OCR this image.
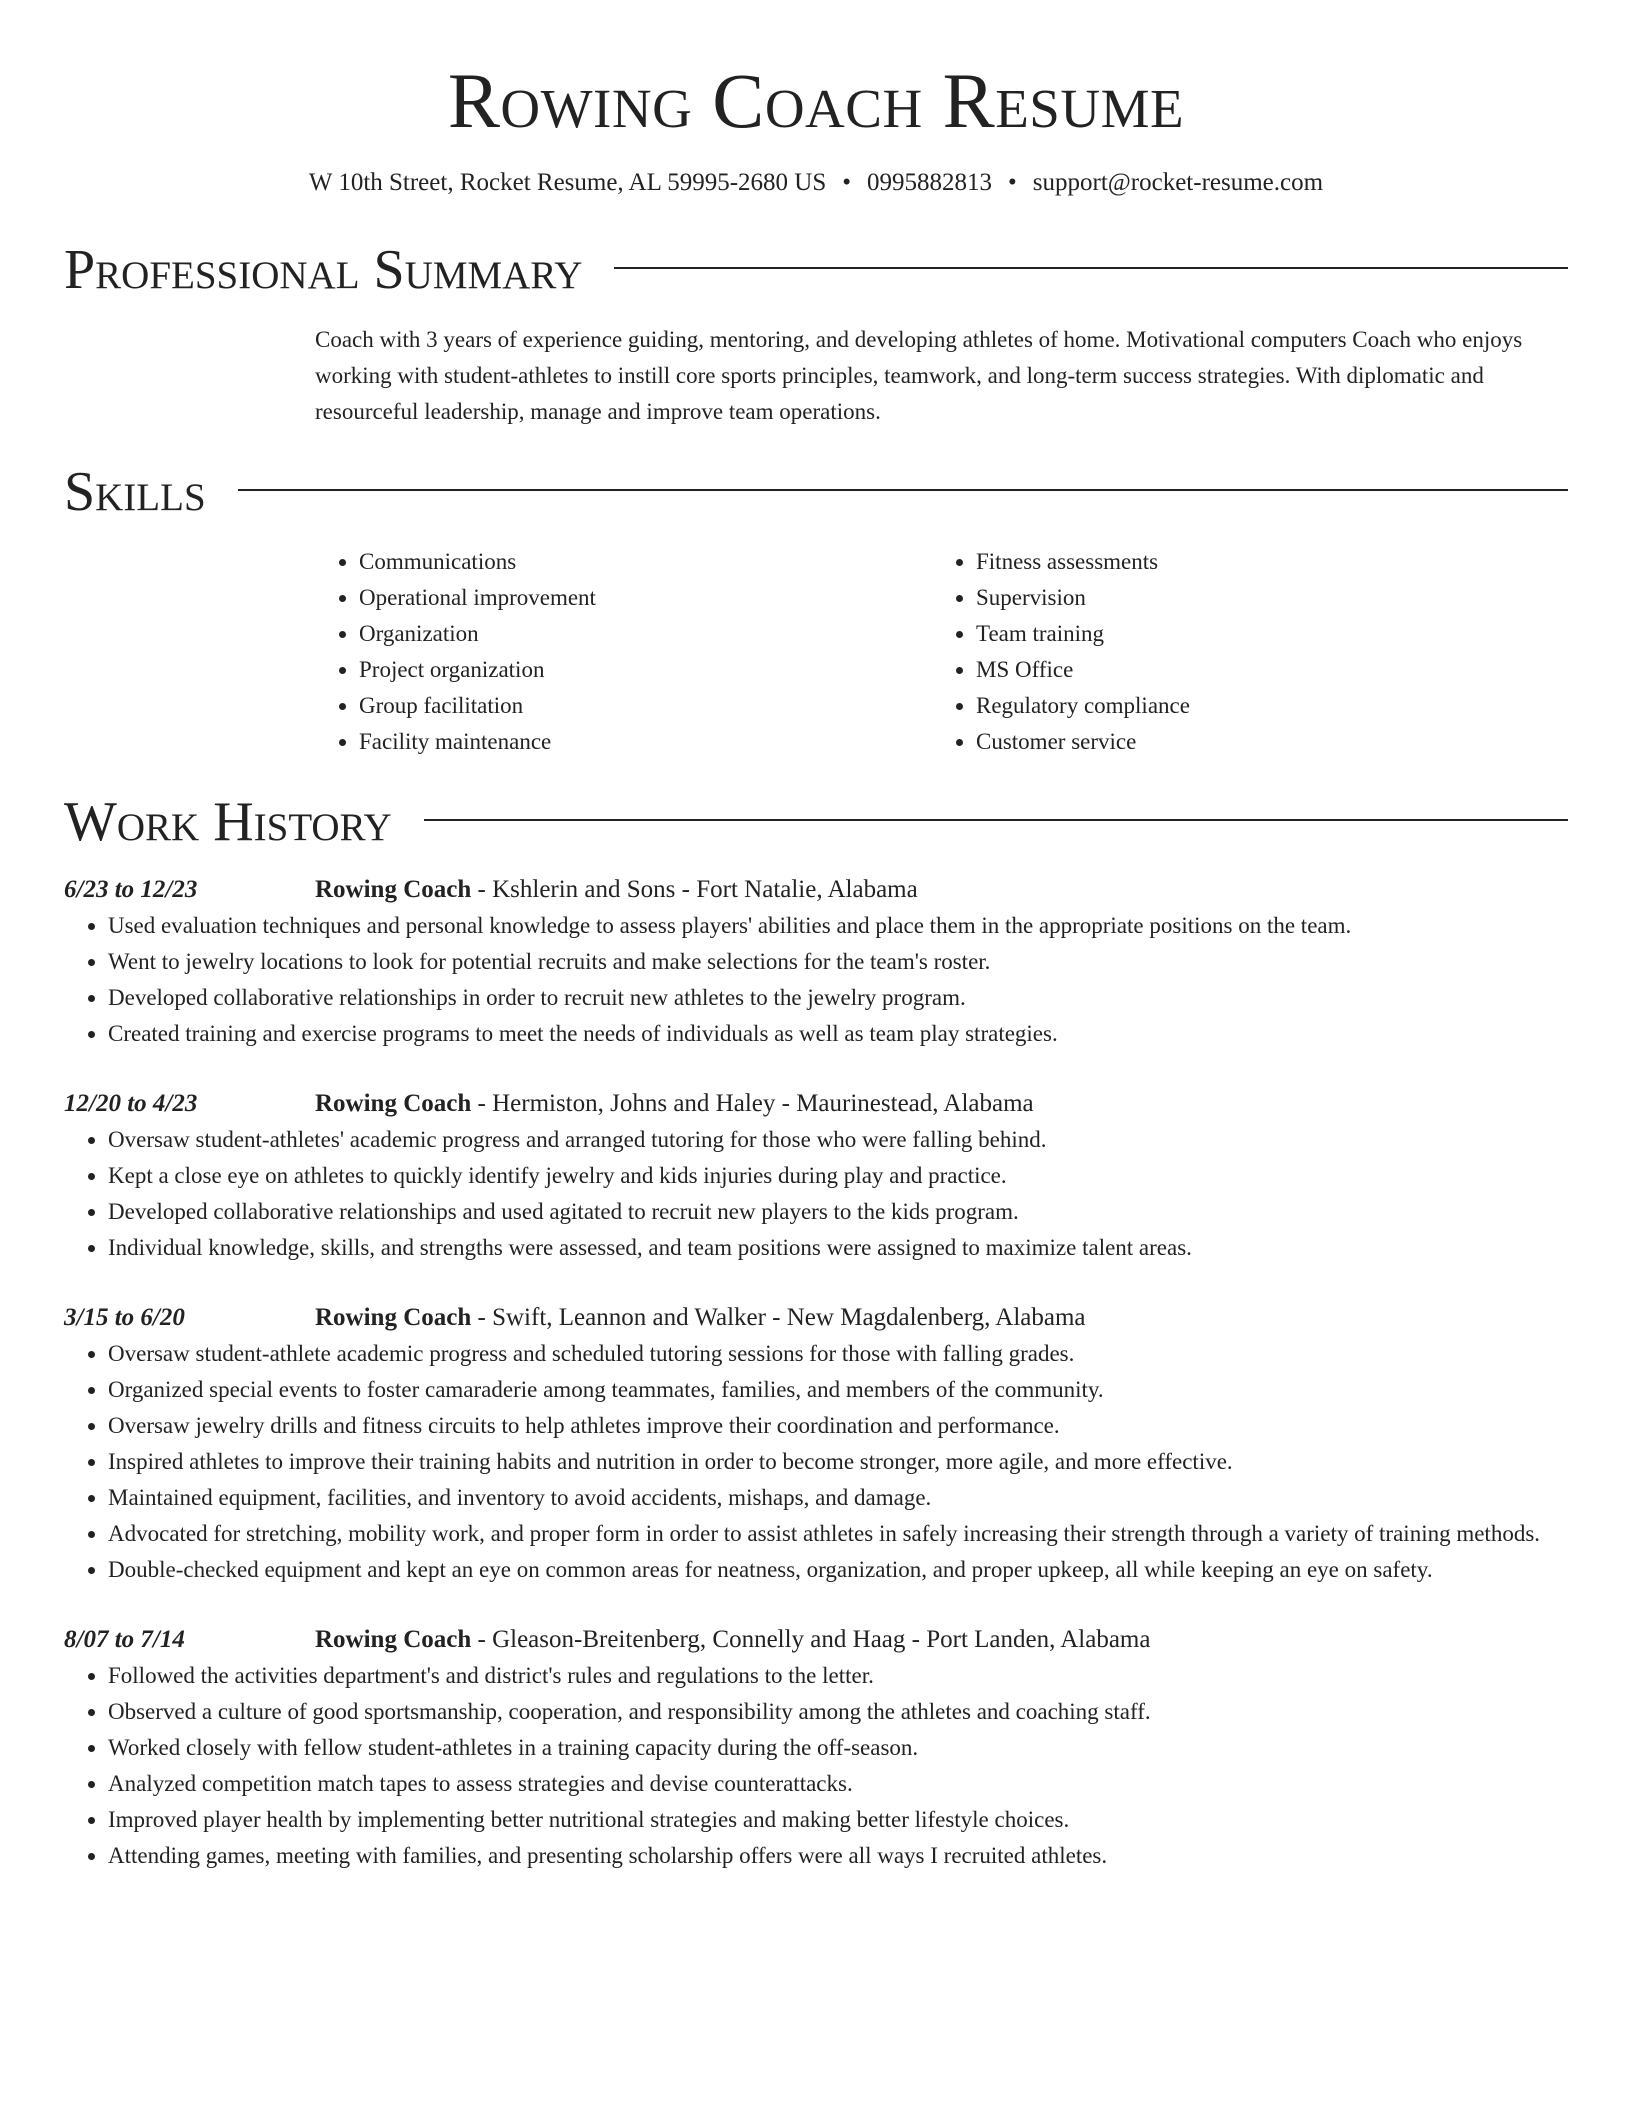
Rowing Coach Resume
W 10th Street, Rocket Resume, AL 59995-2680 US • 0995882813 • support@rocket-resume.com
Professional Summary
Coach with 3 years of experience guiding, mentoring, and developing athletes of home. Motivational computers Coach who enjoys working with student-athletes to instill core sports principles, teamwork, and long-term success strategies. With diplomatic and resourceful leadership, manage and improve team operations.
Skills
• Communications
• Operational improvement
• Organization
• Project organization
• Group facilitation
• Facility maintenance
• Fitness assessments
• Supervision
• Team training
• MS Office
• Regulatory compliance
• Customer service
Work History
6/23 to 12/23	Rowing Coach - Kshlerin and Sons - Fort Natalie, Alabama
• Used evaluation techniques and personal knowledge to assess players' abilities and place them in the appropriate positions on the team.
• Went to jewelry locations to look for potential recruits and make selections for the team's roster.
• Developed collaborative relationships in order to recruit new athletes to the jewelry program.
• Created training and exercise programs to meet the needs of individuals as well as team play strategies.
12/20 to 4/23	Rowing Coach - Hermiston, Johns and Haley - Maurinestead, Alabama
• Oversaw student-athletes' academic progress and arranged tutoring for those who were falling behind.
• Kept a close eye on athletes to quickly identify jewelry and kids injuries during play and practice.
• Developed collaborative relationships and used agitated to recruit new players to the kids program.
• Individual knowledge, skills, and strengths were assessed, and team positions were assigned to maximize talent areas.
3/15 to 6/20	Rowing Coach - Swift, Leannon and Walker - New Magdalenberg, Alabama
• Oversaw student-athlete academic progress and scheduled tutoring sessions for those with falling grades.
• Organized special events to foster camaraderie among teammates, families, and members of the community.
• Oversaw jewelry drills and fitness circuits to help athletes improve their coordination and performance.
• Inspired athletes to improve their training habits and nutrition in order to become stronger, more agile, and more effective.
• Maintained equipment, facilities, and inventory to avoid accidents, mishaps, and damage.
• Advocated for stretching, mobility work, and proper form in order to assist athletes in safely increasing their strength through a variety of training methods.
• Double-checked equipment and kept an eye on common areas for neatness, organization, and proper upkeep, all while keeping an eye on safety.
8/07 to 7/14	Rowing Coach - Gleason-Breitenberg, Connelly and Haag - Port Landen, Alabama
• Followed the activities department's and district's rules and regulations to the letter.
• Observed a culture of good sportsmanship, cooperation, and responsibility among the athletes and coaching staff.
• Worked closely with fellow student-athletes in a training capacity during the off-season.
• Analyzed competition match tapes to assess strategies and devise counterattacks.
• Improved player health by implementing better nutritional strategies and making better lifestyle choices.
• Attending games, meeting with families, and presenting scholarship offers were all ways I recruited athletes.
